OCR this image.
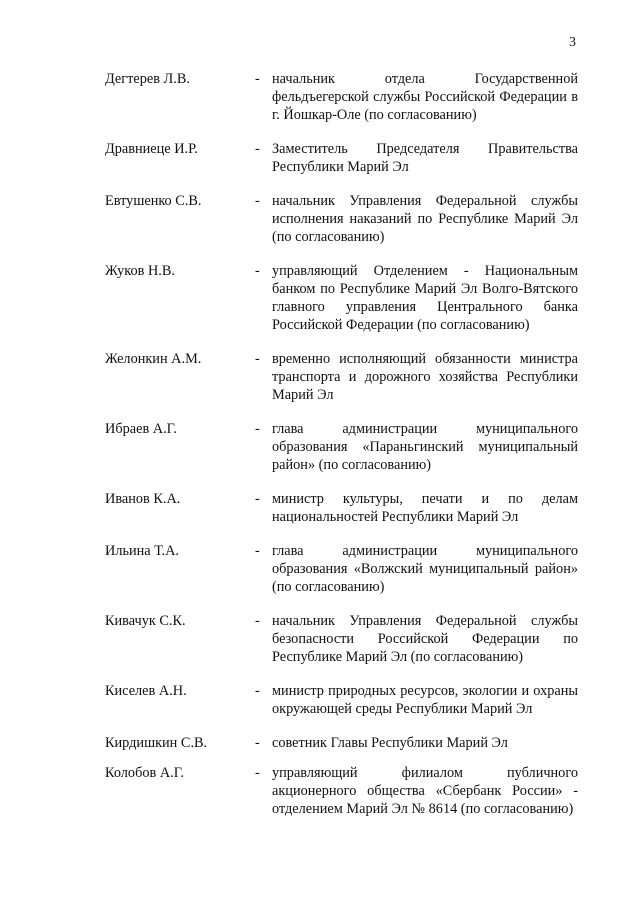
3
Дегтерев Л.В.	- начальник отдела Государственной фельдъегерской службы Российской Федерации в г. Йошкар-Оле (по согласованию)
Дравниеце И.Р.	- Заместитель Председателя Правительства Республики Марий Эл
Евтушенко С.В.	- начальник Управления Федеральной службы исполнения наказаний по Республике Марий Эл (по согласованию)
Жуков Н.В.	- управляющий Отделением - Национальным банком по Республике Марий Эл Волго-Вятского главного управления Центрального банка Российской Федерации (по согласованию)
Желонкин А.М.	- временно исполняющий обязанности министра транспорта и дорожного хозяйства Республики Марий Эл
Ибраев А.Г.	- глава администрации муниципального образования «Параньгинский муниципальный район» (по согласованию)
Иванов К.А.	- министр культуры, печати и по делам национальностей Республики Марий Эл
Ильина Т.А.	- глава администрации муниципального образования «Волжский муниципальный район» (по согласованию)
Кивачук С.К.	- начальник Управления Федеральной службы безопасности Российской Федерации по Республике Марий Эл (по согласованию)
Киселев А.Н.	- министр природных ресурсов, экологии и охраны окружающей среды Республики Марий Эл
Кирдишкин С.В.	- советник Главы Республики Марий Эл
Колобов А.Г.	- управляющий филиалом публичного акционерного общества «Сбербанк России» - отделением Марий Эл № 8614 (по согласованию)
